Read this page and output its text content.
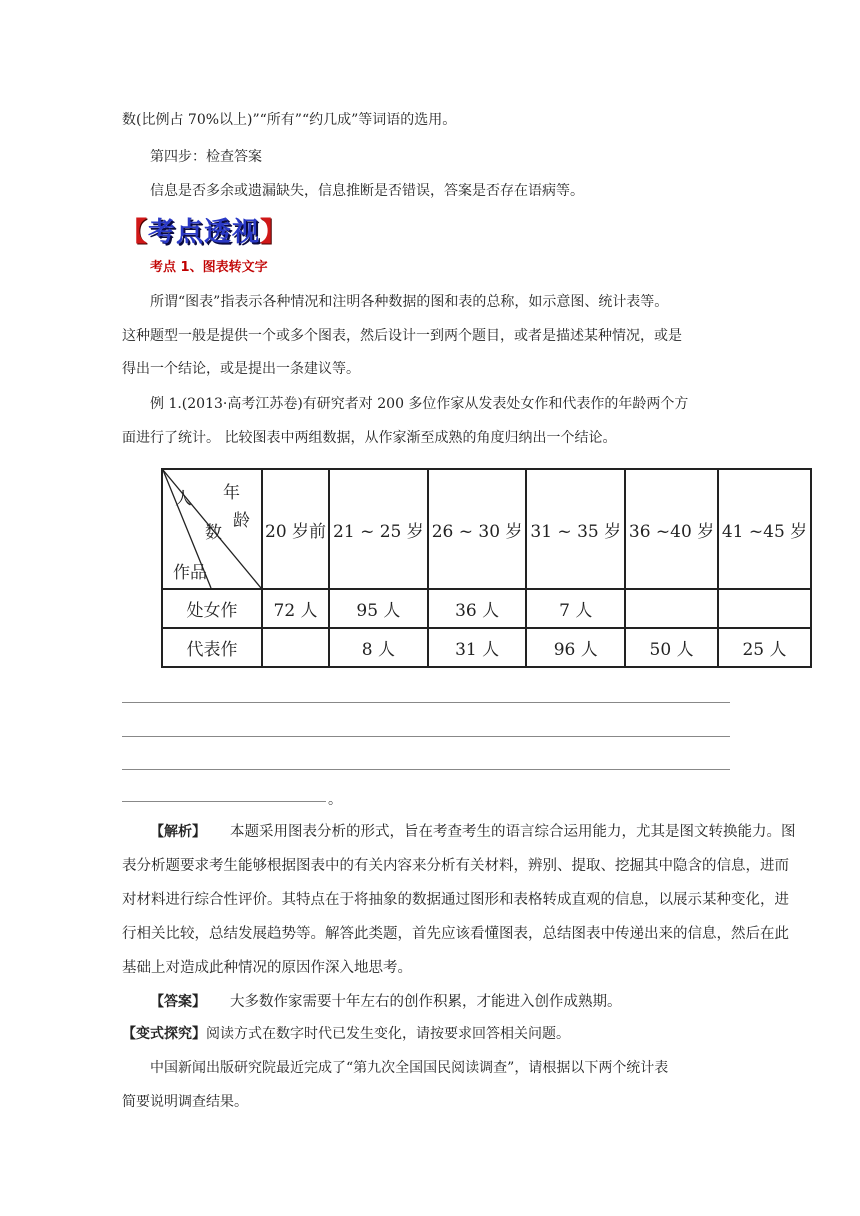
数(比例占 70%以上)”“所有”“约几成”等词语的选用。
第四步：检查答案
信息是否多余或遗漏缺失，信息推断是否错误，答案是否存在语病等。
【 考点透视 】
考点 1、图表转文字
所谓“图表”指表示各种情况和注明各种数据的图和表的总称，如示意图、统计表等。
这种题型一般是提供一个或多个图表，然后设计一到两个题目，或者是描述某种情况，或是
得出一个结论，或是提出一条建议等。
例 1.(2013·高考江苏卷)有研究者对 200 多位作家从发表处女作和代表作的年龄两个方
面进行了统计。 比较图表中两组数据，从作家渐至成熟的角度归纳出一个结论。
人 年
龄
数
作品	20 岁前	21 ~ 25 岁	26 ~ 30 岁	31 ~ 35 岁	36 ~40 岁	41 ~45 岁
处女作	72 人	95 人	36 人	7 人		
代表作		8 人	31 人	96 人	50 人	25 人
。
【解析】 本题采用图表分析的形式，旨在考查考生的语言综合运用能力，尤其是图文转换能力。图
表分析题要求考生能够根据图表中的有关内容来分析有关材料，辨别、提取、挖掘其中隐含的信息，进而
对材料进行综合性评价。其特点在于将抽象的数据通过图形和表格转成直观的信息，以展示某种变化，进
行相关比较，总结发展趋势等。解答此类题，首先应该看懂图表，总结图表中传递出来的信息，然后在此
基础上对造成此种情况的原因作深入地思考。
【答案】 大多数作家需要十年左右的创作积累，才能进入创作成熟期。
【变式探究】阅读方式在数字时代已发生变化，请按要求回答相关问题。
中国新闻出版研究院最近完成了“第九次全国国民阅读调查”，请根据以下两个统计表
简要说明调查结果。
